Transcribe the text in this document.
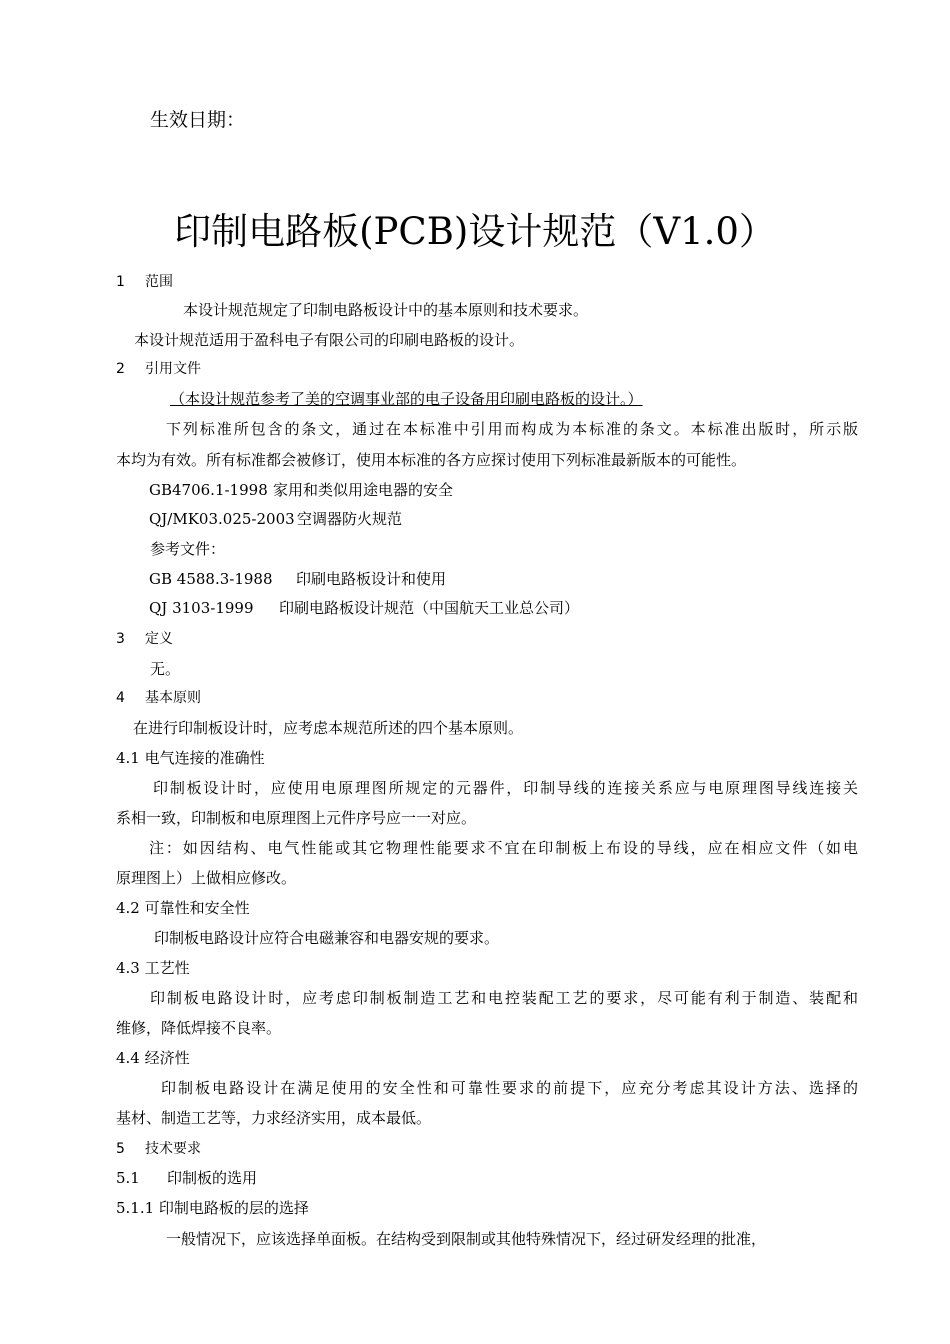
生效日期：
印制电路板(PCB)设计规范（V1.0）
1 范围
本设计规范规定了印制电路板设计中的基本原则和技术要求。
本设计规范适用于盈科电子有限公司的印刷电路板的设计。
2 引用文件
（本设计规范参考了美的空调事业部的电子设备用印刷电路板的设计。）
下列标准所包含的条文，通过在本标准中引用而构成为本标准的条文。本标准出版时，所示版
本均为有效。所有标准都会被修订，使用本标准的各方应探讨使用下列标准最新版本的可能性。
GB4706.1-1998 家用和类似用途电器的安全
QJ/MK03.025-2003 空调器防火规范
参考文件：
GB 4588.3-1988 印刷电路板设计和使用
QJ 3103-1999 印刷电路板设计规范（中国航天工业总公司）
3 定义
无。
4 基本原则
在进行印制板设计时，应考虑本规范所述的四个基本原则。
4.1 电气连接的准确性
印制板设计时，应使用电原理图所规定的元器件，印制导线的连接关系应与电原理图导线连接关
系相一致，印制板和电原理图上元件序号应一一对应。
注：如因结构、电气性能或其它物理性能要求不宜在印制板上布设的导线，应在相应文件（如电
原理图上）上做相应修改。
4.2 可靠性和安全性
印制板电路设计应符合电磁兼容和电器安规的要求。
4.3 工艺性
印制板电路设计时，应考虑印制板制造工艺和电控装配工艺的要求，尽可能有利于制造、装配和
维修，降低焊接不良率。
4.4 经济性
印制板电路设计在满足使用的安全性和可靠性要求的前提下，应充分考虑其设计方法、选择的
基材、制造工艺等，力求经济实用，成本最低。
5 技术要求
5.1 印制板的选用
5.1.1 印制电路板的层的选择
一般情况下，应该选择单面板。在结构受到限制或其他特殊情况下，经过研发经理的批准，
